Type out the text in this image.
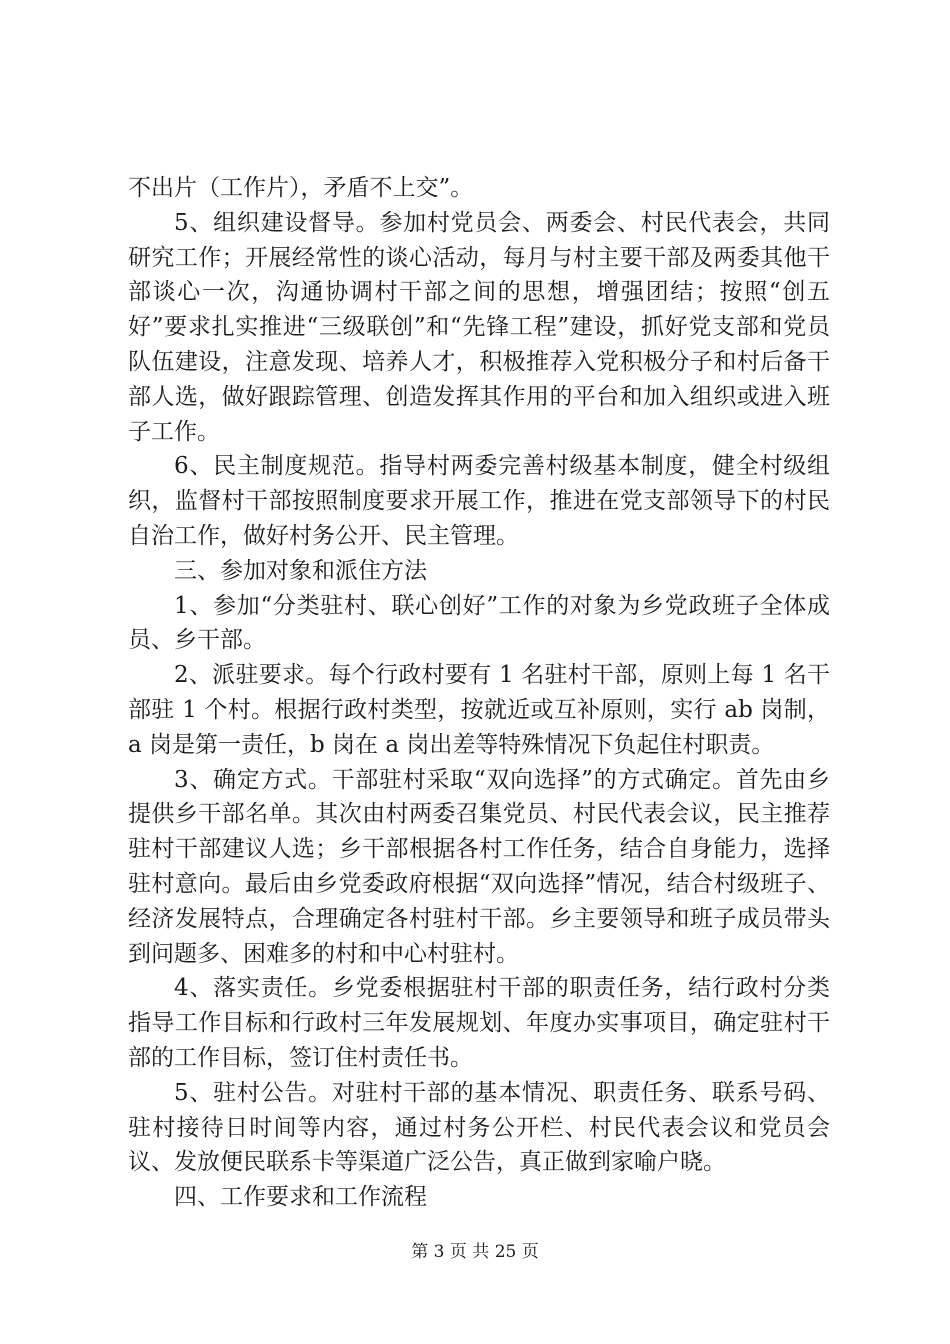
不出片（工作片），矛盾不上交”。

5、组织建设督导。参加村党员会、两委会、村民代表会，共同研究工作；开展经常性的谈心活动，每月与村主要干部及两委其他干部谈心一次，沟通协调村干部之间的思想，增强团结；按照“创五好”要求扎实推进“三级联创”和“先锋工程”建设，抓好党支部和党员队伍建设，注意发现、培养人才，积极推荐入党积极分子和村后备干部人选，做好跟踪管理、创造发挥其作用的平台和加入组织或进入班子工作。

6、民主制度规范。指导村两委完善村级基本制度，健全村级组织，监督村干部按照制度要求开展工作，推进在党支部领导下的村民自治工作，做好村务公开、民主管理。

三、参加对象和派住方法

1、参加“分类驻村、联心创好”工作的对象为乡党政班子全体成员、乡干部。

2、派驻要求。每个行政村要有 1 名驻村干部，原则上每 1 名干部驻 1 个村。根据行政村类型，按就近或互补原则，实行 ab 岗制，a 岗是第一责任，b 岗在 a 岗出差等特殊情况下负起住村职责。

3、确定方式。干部驻村采取“双向选择”的方式确定。首先由乡提供乡干部名单。其次由村两委召集党员、村民代表会议，民主推荐驻村干部建议人选；乡干部根据各村工作任务，结合自身能力，选择驻村意向。最后由乡党委政府根据“双向选择”情况，结合村级班子、经济发展特点，合理确定各村驻村干部。乡主要领导和班子成员带头到问题多、困难多的村和中心村驻村。

4、落实责任。乡党委根据驻村干部的职责任务，结行政村分类指导工作目标和行政村三年发展规划、年度办实事项目，确定驻村干部的工作目标，签订住村责任书。

5、驻村公告。对驻村干部的基本情况、职责任务、联系号码、驻村接待日时间等内容，通过村务公开栏、村民代表会议和党员会议、发放便民联系卡等渠道广泛公告，真正做到家喻户晓。

四、工作要求和工作流程

第 3 页 共 25 页
